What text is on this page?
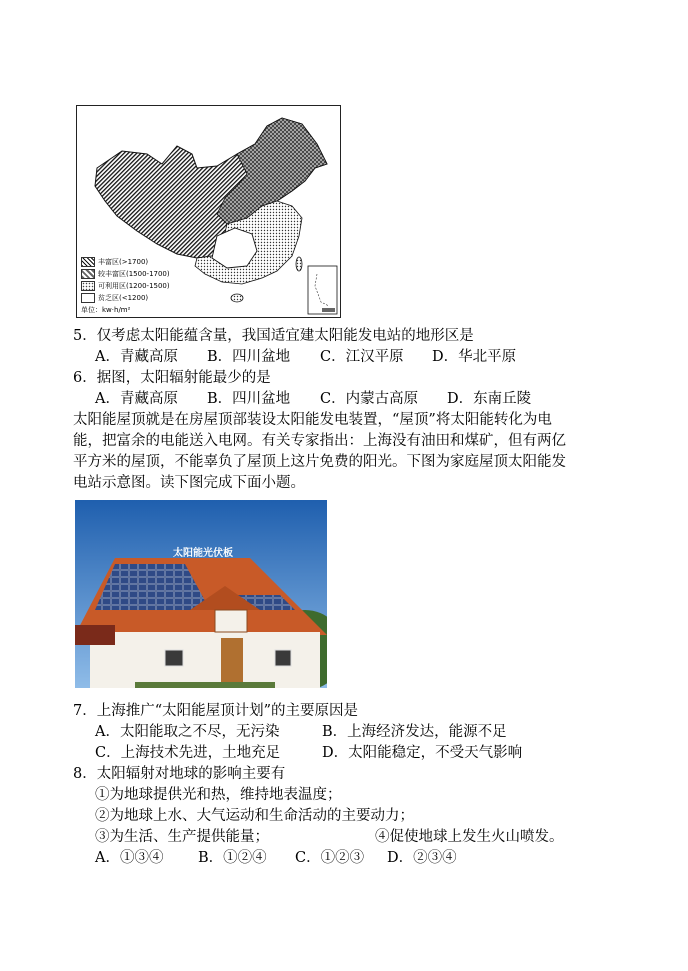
丰富区(>1700)
较丰富区(1500-1700)
可利用区(1200-1500)
贫乏区(<1200)
单位：kw·h/m²
5．仅考虑太阳能蕴含量，我国适宜建太阳能发电站的地形区是
A．青藏高原 B．四川盆地 C．江汉平原 D．华北平原
6．据图，太阳辐射能最少的是
A．青藏高原 B．四川盆地 C．内蒙古高原 D．东南丘陵
太阳能屋顶就是在房屋顶部装设太阳能发电装置，“屋顶”将太阳能转化为电
能，把富余的电能送入电网。有关专家指出：上海没有油田和煤矿，但有两亿
平方米的屋顶，不能辜负了屋顶上这片免费的阳光。下图为家庭屋顶太阳能发
电站示意图。读下图完成下面小题。
太阳能光伏板
7．上海推广“太阳能屋顶计划”的主要原因是
A．太阳能取之不尽，无污染	B．上海经济发达，能源不足
C．上海技术先进，土地充足	D．太阳能稳定，不受天气影响
8．太阳辐射对地球的影响主要有
①为地球提供光和热，维持地表温度；
②为地球上水、大气运动和生命活动的主要动力；
③为生活、生产提供能量；	④促使地球上发生火山喷发。
A．①③④ B．①②④ C．①②③ D．②③④
